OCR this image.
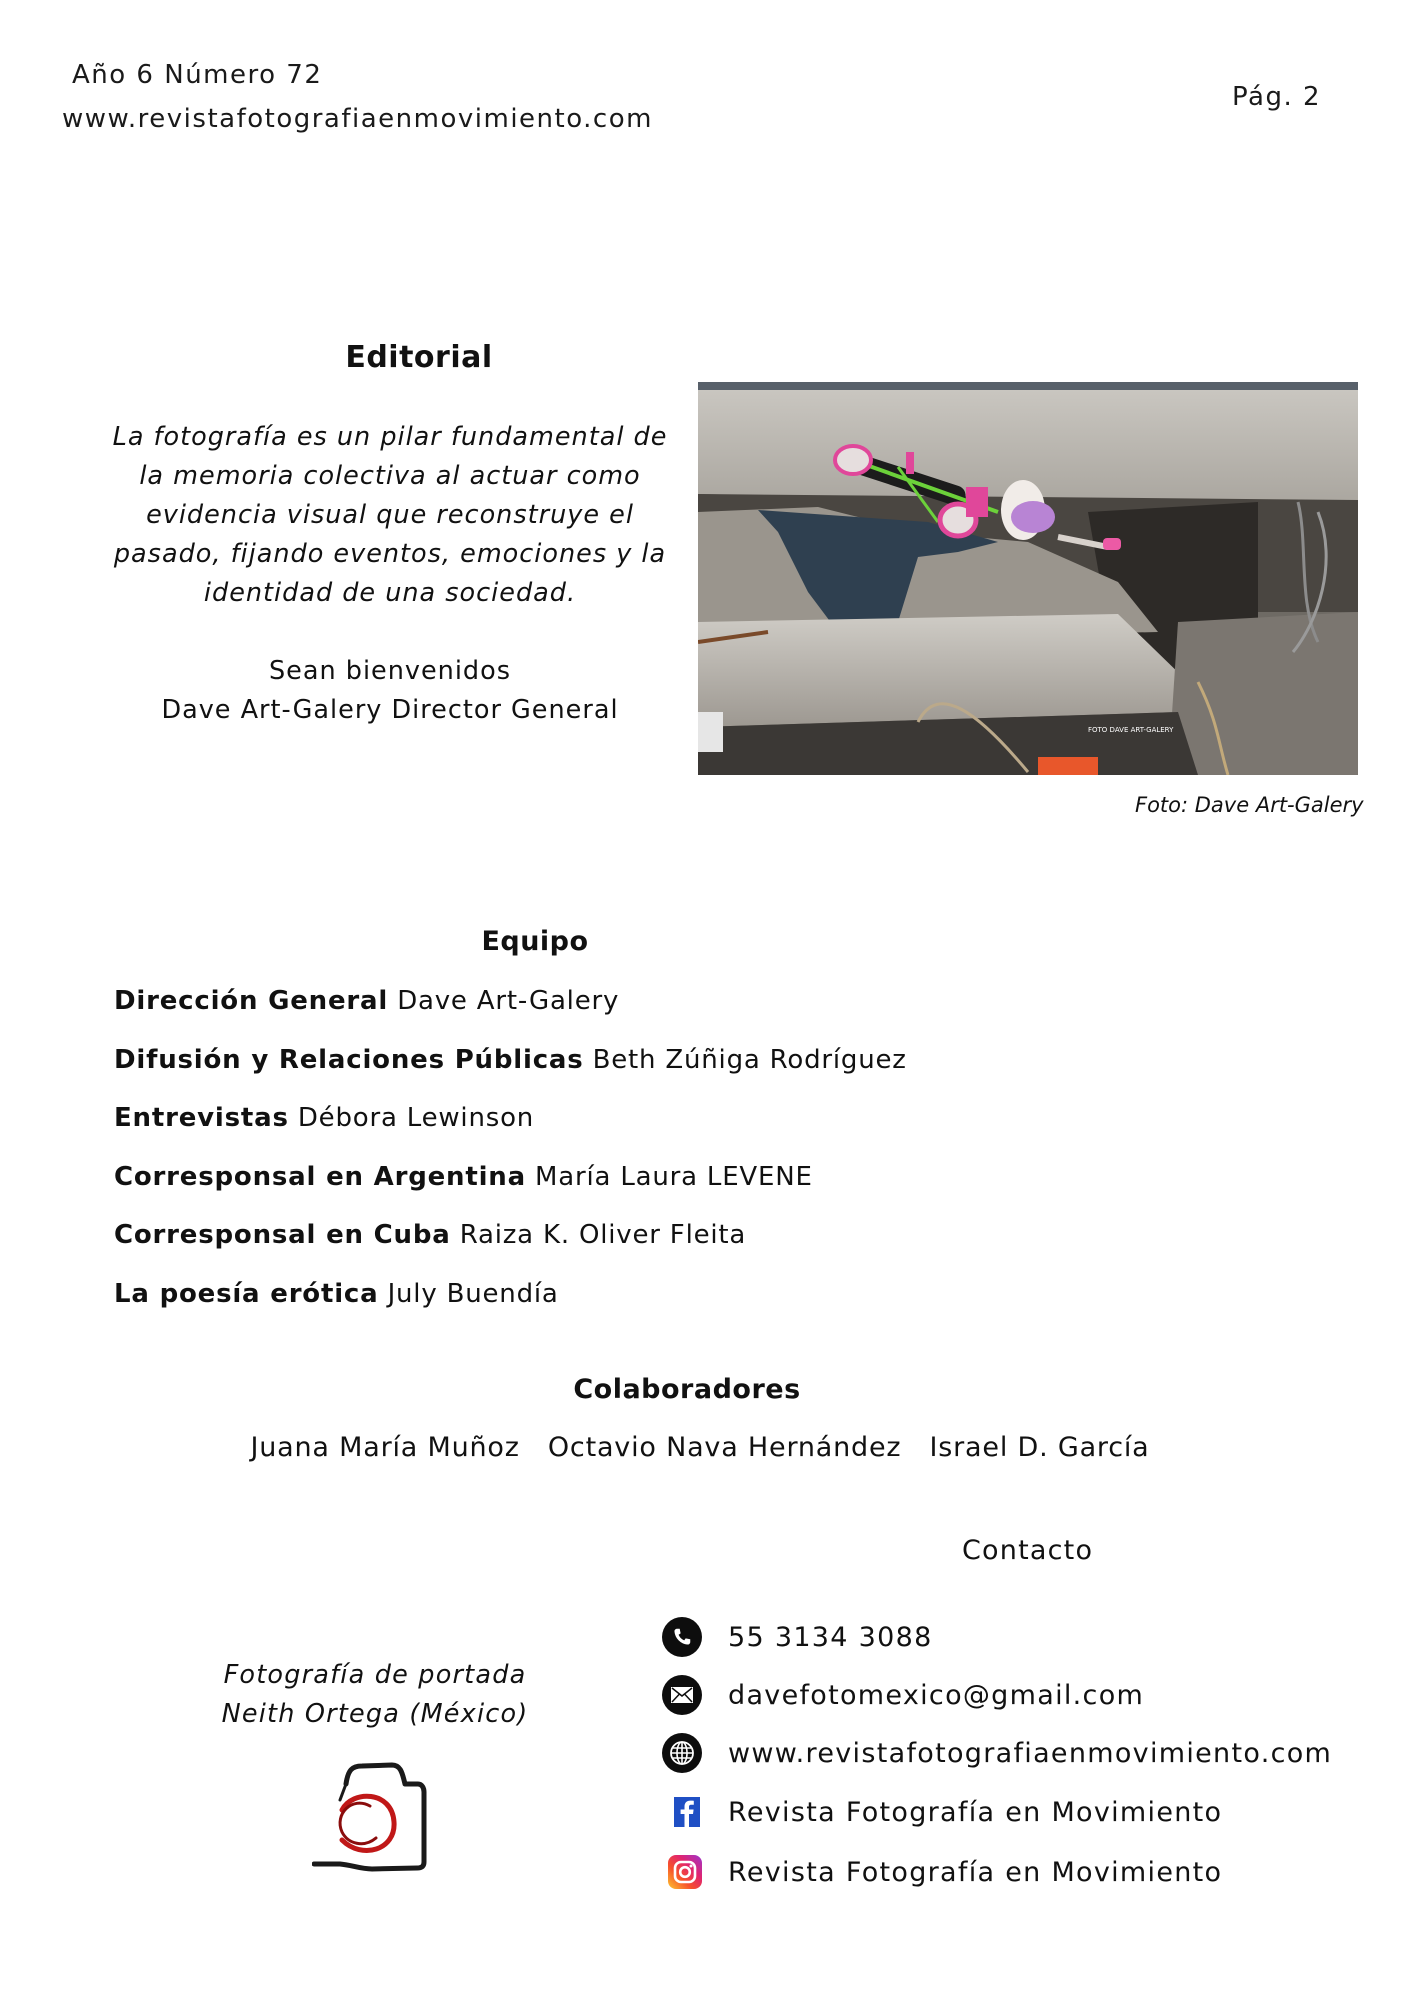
Año 6 Número 72
www.revistafotografiaenmovimiento.com
Pág. 2
Editorial
La fotografía es un pilar fundamental de
la memoria colectiva al actuar como
evidencia visual que reconstruye el
pasado, fijando eventos, emociones y la
identidad de una sociedad.
Sean bienvenidos
Dave Art-Galery Director General
FOTO DAVE ART-GALERY
Foto: Dave Art-Galery
Equipo
Dirección General Dave Art-Galery
Difusión y Relaciones Públicas Beth Zúñiga Rodríguez
Entrevistas Débora Lewinson
Corresponsal en Argentina María Laura LEVENE
Corresponsal en Cuba Raiza K. Oliver Fleita
La poesía erótica July Buendía
Colaboradores
Juana María Muñoz Octavio Nava Hernández Israel D. García
Fotografía de portada
Neith Ortega (México)
Contacto
55 3134 3088
davefotomexico@gmail.com
www.revistafotografiaenmovimiento.com
Revista Fotografía en Movimiento
Revista Fotografía en Movimiento
